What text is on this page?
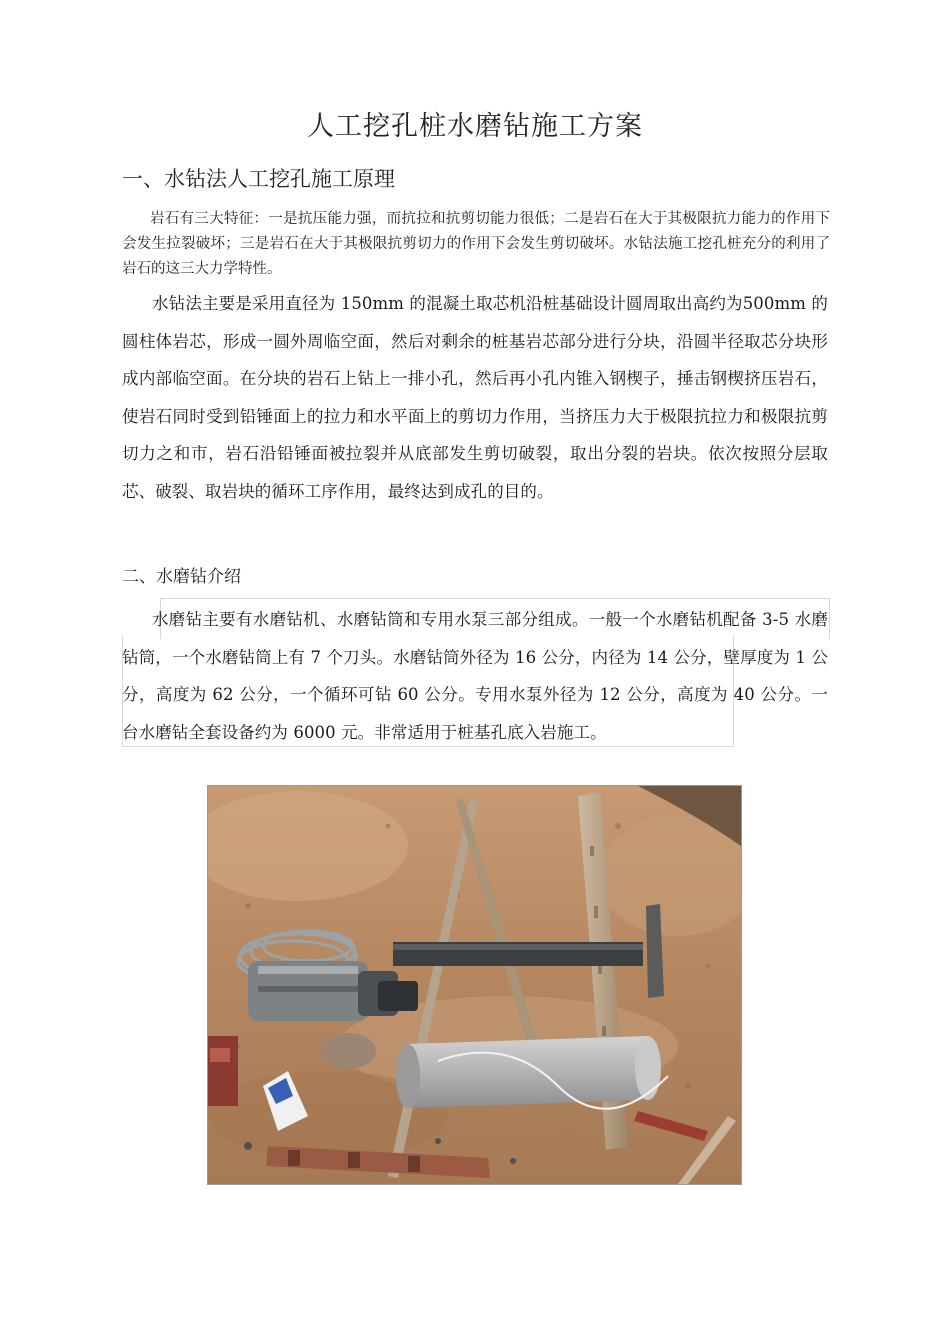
人工挖孔桩水磨钻施工方案
一、水钻法人工挖孔施工原理
岩石有三大特征：一是抗压能力强，而抗拉和抗剪切能力很低；二是岩石在大于其极限抗力能力的作用下会发生拉裂破坏；三是岩石在大于其极限抗剪切力的作用下会发生剪切破坏。水钻法施工挖孔桩充分的利用了岩石的这三大力学特性。
水钻法主要是采用直径为 150mm 的混凝土取芯机沿桩基础设计圆周取出高约为500mm 的圆柱体岩芯，形成一圆外周临空面，然后对剩余的桩基岩芯部分进行分块，沿圆半径取芯分块形成内部临空面。在分块的岩石上钻上一排小孔，然后再小孔内锥入钢楔子，捶击钢楔挤压岩石，使岩石同时受到铅锤面上的拉力和水平面上的剪切力作用，当挤压力大于极限抗拉力和极限抗剪切力之和市，岩石沿铅锤面被拉裂并从底部发生剪切破裂，取出分裂的岩块。依次按照分层取芯、破裂、取岩块的循环工序作用，最终达到成孔的目的。
二、水磨钻介绍
水磨钻主要有水磨钻机、水磨钻筒和专用水泵三部分组成。一般一个水磨钻机配备 3-5 水磨钻筒，一个水磨钻筒上有 7 个刀头。水磨钻筒外径为 16 公分，内径为 14 公分，壁厚度为 1 公分，高度为 62 公分，一个循环可钻 60 公分。专用水泵外径为 12 公分，高度为 40 公分。一台水磨钻全套设备约为 6000 元。非常适用于桩基孔底入岩施工。
